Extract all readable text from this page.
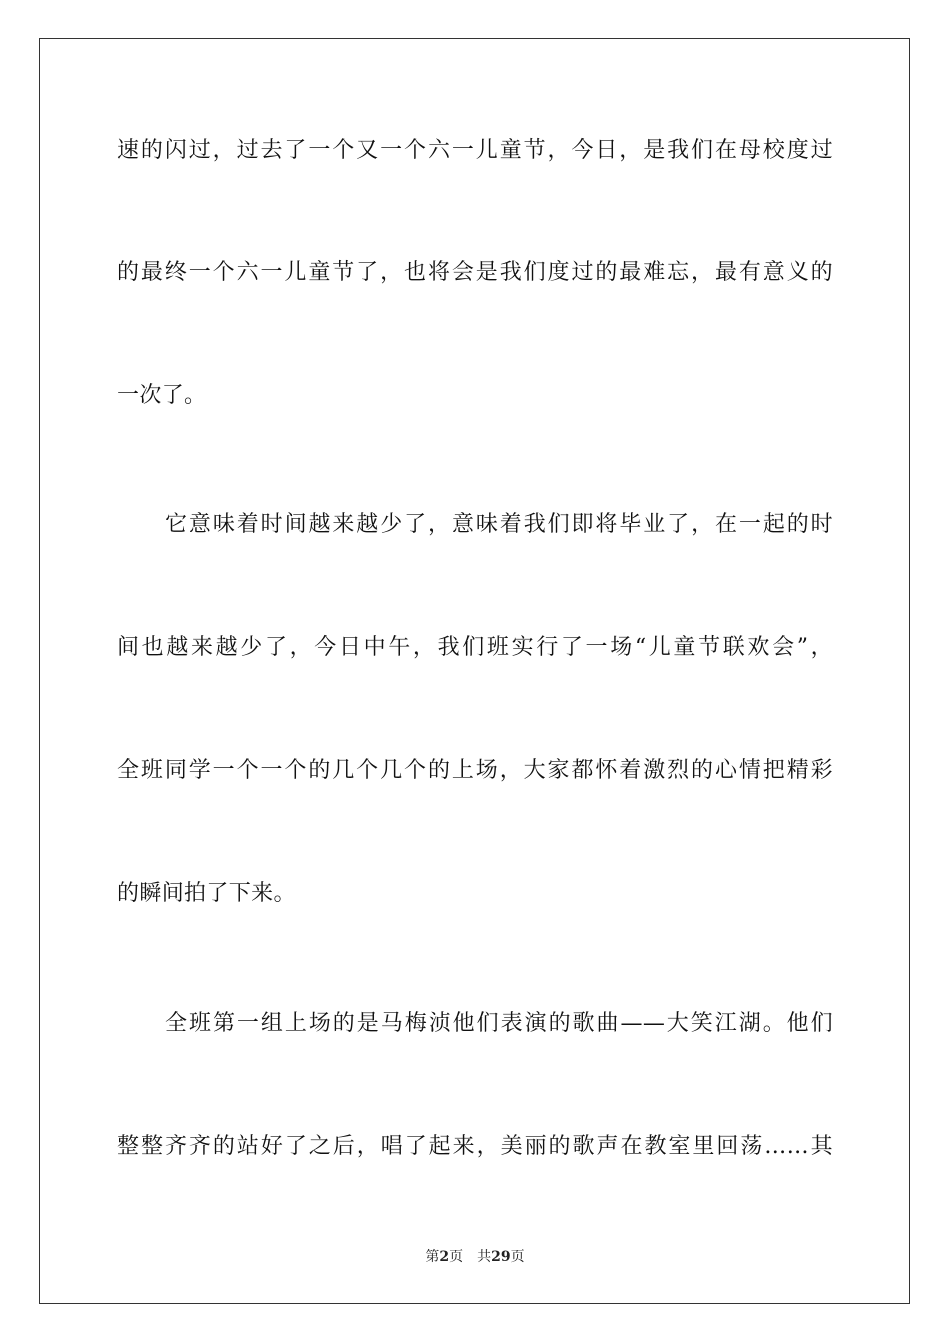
速的闪过，过去了一个又一个六一儿童节，今日，是我们在母校度过
的最终一个六一儿童节了，也将会是我们度过的最难忘，最有意义的
一次了。
它意味着时间越来越少了，意味着我们即将毕业了，在一起的时
间也越来越少了，今日中午，我们班实行了一场“儿童节联欢会”，
全班同学一个一个的几个几个的上场，大家都怀着激烈的心情把精彩
的瞬间拍了下来。
全班第一组上场的是马梅浈他们表演的歌曲——大笑江湖。他们
整整齐齐的站好了之后，唱了起来，美丽的歌声在教室里回荡……其
第2页 共29页
